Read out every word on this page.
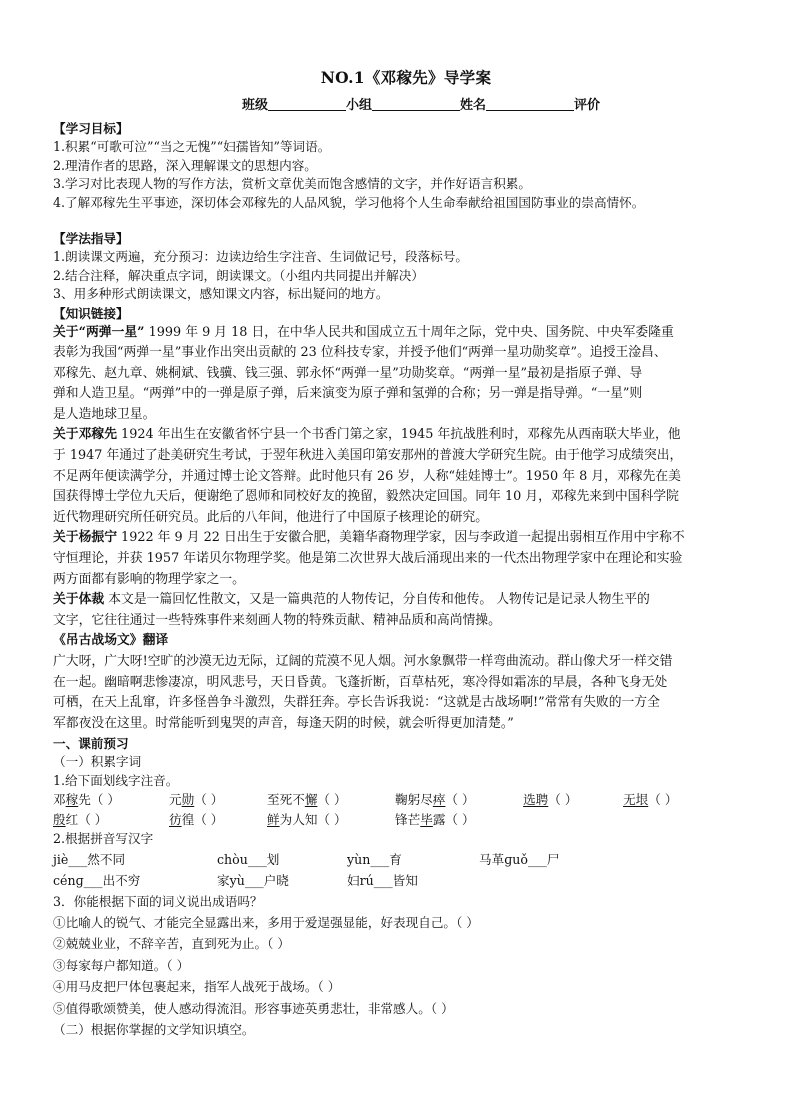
NO.1《邓稼先》导学案
班级	小组	姓名	评价
【学习目标】
1.积累“可歌可泣”“当之无愧”“妇孺皆知”等词语。
2.理清作者的思路，深入理解课文的思想内容。
3.学习对比表现人物的写作方法，赏析文章优美而饱含感情的文字，并作好语言积累。
4.了解邓稼先生平事迹，深切体会邓稼先的人品风貌，学习他将个人生命奉献给祖国国防事业的崇高情怀。
【学法指导】
1.朗读课文两遍，充分预习：边读边给生字注音、生词做记号，段落标号。
2.结合注释，解决重点字词，朗读课文。（小组内共同提出并解决）
3、用多种形式朗读课文，感知课文内容，标出疑问的地方。
【知识链接】
关于“两弹一星” 1999 年 9 月 18 日，在中华人民共和国成立五十周年之际，党中央、国务院、中央军委隆重
表彰为我国“两弹一星”事业作出突出贡献的 23 位科技专家，并授予他们“两弹一星功勋奖章”。追授王淦昌、
邓稼先、赵九章、姚桐斌、钱骥、钱三强、郭永怀“两弹一星”功勋奖章。“两弹一星”最初是指原子弹、导
弹和人造卫星。“两弹”中的一弹是原子弹，后来演变为原子弹和氢弹的合称；另一弹是指导弹。“一星”则
是人造地球卫星。
关于邓稼先 1924 年出生在安徽省怀宁县一个书香门第之家，1945 年抗战胜利时，邓稼先从西南联大毕业，他
于 1947 年通过了赴美研究生考试，于翌年秋进入美国印第安那州的普渡大学研究生院。由于他学习成绩突出，
不足两年便读满学分，并通过博士论文答辩。此时他只有 26 岁，人称“娃娃博士”。1950 年 8 月，邓稼先在美
国获得博士学位九天后，便谢绝了恩师和同校好友的挽留，毅然决定回国。同年 10 月，邓稼先来到中国科学院
近代物理研究所任研究员。此后的八年间，他进行了中国原子核理论的研究。
关于杨振宁 1922 年 9 月 22 日出生于安徽合肥，美籍华裔物理学家，因与李政道一起提出弱相互作用中宇称不
守恒理论，并获 1957 年诺贝尔物理学奖。他是第二次世界大战后涌现出来的一代杰出物理学家中在理论和实验
两方面都有影响的物理学家之一。
关于体裁 本文是一篇回忆性散文，又是一篇典范的人物传记，分自传和他传。 人物传记是记录人物生平的
文字，它往往通过一些特殊事件来刻画人物的特殊贡献、精神品质和高尚情操。
《吊古战场文》翻译
广大呀，广大呀!空旷的沙漠无边无际，辽阔的荒漠不见人烟。河水象飘带一样弯曲流动。群山像犬牙一样交错
在一起。幽暗啊悲惨凄凉，明风悲号，天日昏黄。飞蓬折断，百草枯死，寒冷得如霜冻的早晨，各种飞身无处
可栖，在天上乱窜，许多怪兽争斗激烈，失群狂奔。亭长告诉我说：“这就是古战场啊!”常常有失败的一方全
军都夜没在这里。时常能听到鬼哭的声音，每逢天阴的时候，就会听得更加清楚。”
一、课前预习
（一）积累字词
1.给下面划线字注音。
邓稼先（ ）	元勋（ ）	至死不懈（ ）	鞠躬尽瘁（ ）	选聘（ ）	无垠（ ）
殷红（ ）	彷徨（ ）	鲜为人知（ ）	锋芒毕露（ ）
2.根据拼音写汉字
jiè___然不同	chòu___划	yùn___育	马革ɡuǒ___尸
cénɡ___出不穷	家yù___户晓	妇rú___皆知
3．你能根据下面的词义说出成语吗？
①比喻人的锐气、才能完全显露出来，多用于爱逞强显能，好表现自己。（ ）
②兢兢业业，不辞辛苦，直到死为止。（ ）
③每家每户都知道。（ ）
④用马皮把尸体包裹起来，指军人战死于战场。（ ）
⑤值得歌颂赞美，使人感动得流泪。形容事迹英勇悲壮，非常感人。（ ）
（二）根据你掌握的文学知识填空。
